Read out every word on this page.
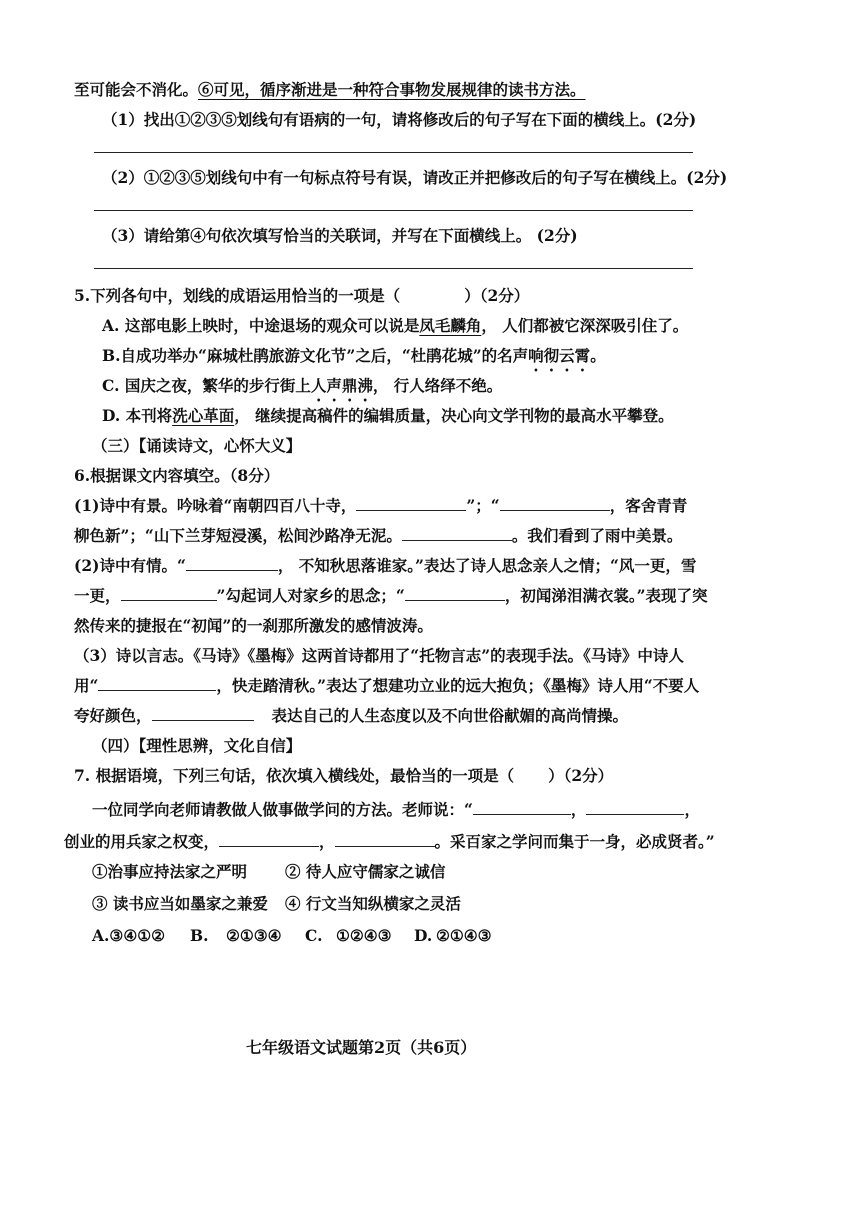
至可能会不消化。⑥可见，循序渐进是一种符合事物发展规律的读书方法。
（1）找出①②③⑤划线句有语病的一句，请将修改后的句子写在下面的横线上。(2分)
（2）①②③⑤划线句中有一句标点符号有误，请改正并把修改后的句子写在横线上。(2分)
（3）请给第④句依次填写恰当的关联词，并写在下面横线上。 (2分)
5.下列各句中，划线的成语运用恰当的一项是（	）（2分）
A. 这部电影上映时，中途退场的观众可以说是凤毛麟角， 人们都被它深深吸引住了。
B.自成功举办“麻城杜鹃旅游文化节”之后，“杜鹃花城”的名声响彻云霄。
C. 国庆之夜，繁华的步行街上人声鼎沸， 行人络绎不绝。
D. 本刊将洗心革面， 继续提高稿件的编辑质量，决心向文学刊物的最高水平攀登。
（三）【诵读诗文，心怀大义】
6.根据课文内容填空。（8分）
(1)诗中有景。吟咏着“南朝四百八十寺，	”；“	，客舍青青
柳色新”；“山下兰芽短浸溪，松间沙路净无泥。	。我们看到了雨中美景。
(2)诗中有情。“	， 不知秋思落谁家。”表达了诗人思念亲人之情；“风一更，雪
一更，	”勾起词人对家乡的思念；“	，初闻涕泪满衣裳。”表现了突
然传来的捷报在“初闻”的一刹那所激发的感情波涛。
（3）诗以言志。《马诗》《墨梅》这两首诗都用了“托物言志”的表现手法。《马诗》中诗人
用“	，快走踏清秋。”表达了想建功立业的远大抱负；《墨梅》诗人用“不要人
夸好颜色，	表达自己的人生态度以及不向世俗献媚的高尚情操。
（四）【理性思辨，文化自信】
7. 根据语境，下列三句话，依次填入横线处，最恰当的一项是（ ）（2分）
一位同学向老师请教做人做事做学问的方法。老师说：“	，	，
创业的用兵家之权变，	，	。采百家之学问而集于一身，必成贤者。”
①治事应持法家之严明 ② 待人应守儒家之诚信
③ 读书应当如墨家之兼爱 ④ 行文当知纵横家之灵活
A.③④①② B. ②①③④ C. ①②④③ D. ②①④③
七年级语文试题第2页（共6页）
